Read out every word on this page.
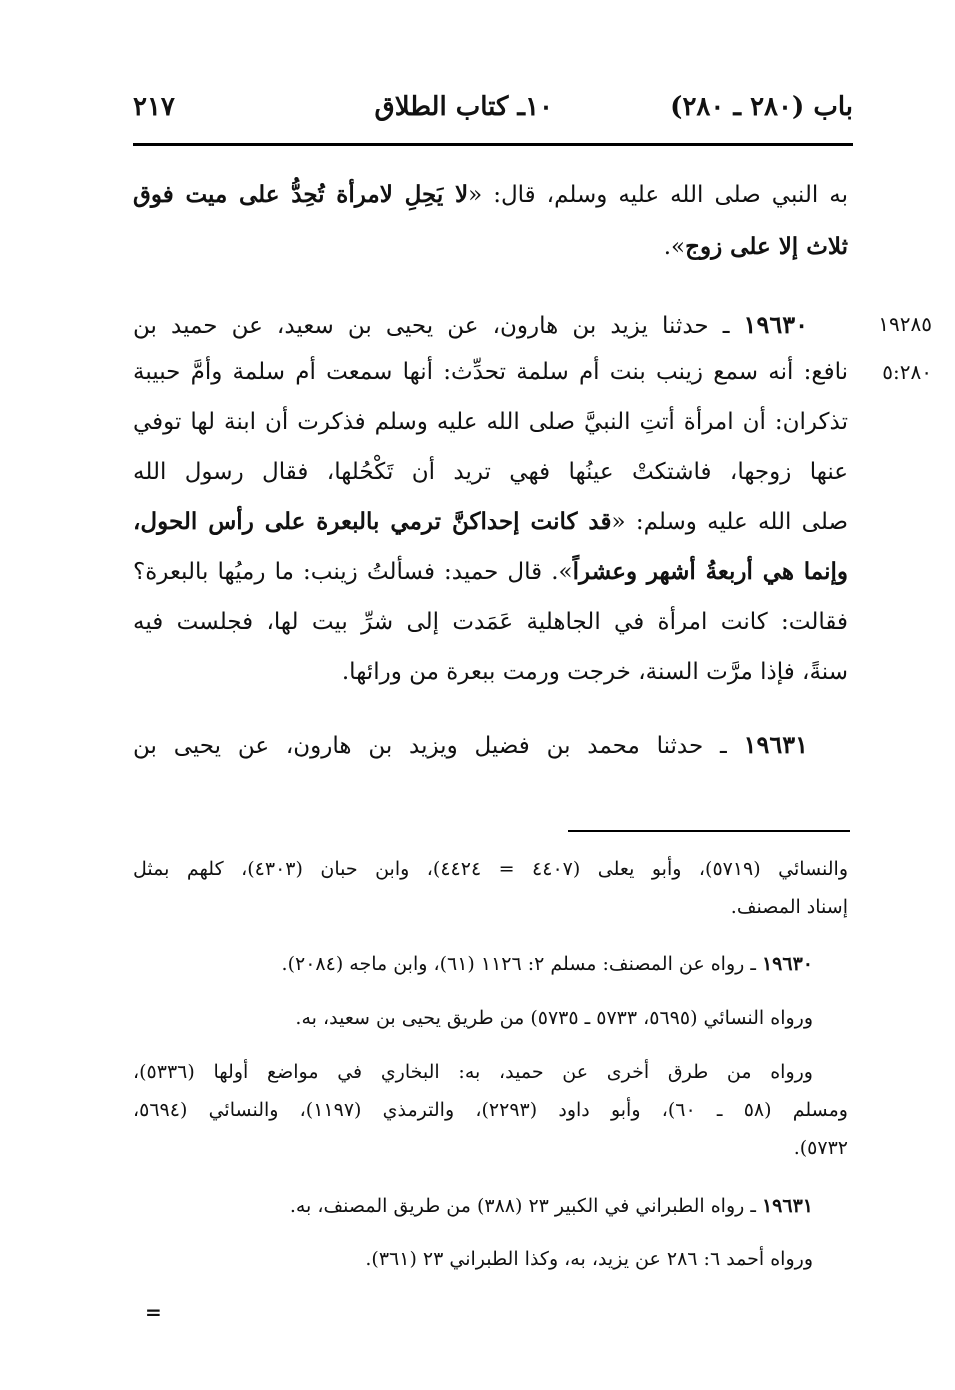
باب (٢٨٠ ـ ٢٨٠)
١٠ـ كتاب الطلاق
٢١٧
به النبي صلى الله عليه وسلم، قال: «لا يَحِلِ لامرأة تُحِدُّ على ميت فوق
ثلاث إلا على زوج».
١٩٢٨٥
٥:٢٨٠
١٩٦٣٠ ـ حدثنا يزيد بن هارون، عن يحيى بن سعيد، عن حميد بن
نافع: أنه سمع زينب بنت أم سلمة تحدِّث: أنها سمعت أم سلمة وأمَّ حبيبة
تذكران: أن امرأة أتتِ النبيَّ صلى الله عليه وسلم فذكرت أن ابنة لها توفي
عنها زوجها، فاشتكتْ عينُها فهي تريد أن تَكْحُلها، فقال رسول الله
صلى الله عليه وسلم: «قد كانت إحداكنَّ ترمي بالبعرة على رأس الحول،
وإنما هي أربعةُ أشهر وعشراً». قال حميد: فسألتُ زينب: ما رميُها بالبعرة؟
فقالت: كانت امرأة في الجاهلية عَمَدت إلى شرِّ بيت لها، فجلست فيه
سنةً، فإذا مرَّت السنة، خرجت ورمت ببعرة من ورائها.
١٩٦٣١ ـ حدثنا محمد بن فضيل ويزيد بن هارون، عن يحيى بن
والنسائي (٥٧١٩)، وأبو يعلى (٤٤٠٧ = ٤٤٢٤)، وابن حبان (٤٣٠٣)، كلهم بمثل
إسناد المصنف.
١٩٦٣٠ ـ رواه عن المصنف: مسلم ٢: ١١٢٦ (٦١)، وابن ماجه (٢٠٨٤).
ورواه النسائي (٥٦٩٥، ٥٧٣٣ ـ ٥٧٣٥) من طريق يحيى بن سعيد، به.
ورواه من طرق أخرى عن حميد، به: البخاري في مواضع أولها (٥٣٣٦)،
ومسلم (٥٨ ـ ٦٠)، وأبو داود (٢٢٩٣)، والترمذي (١١٩٧)، والنسائي (٥٦٩٤،
٥٧٣٢).
١٩٦٣١ ـ رواه الطبراني في الكبير ٢٣ (٣٨٨) من طريق المصنف، به.
ورواه أحمد ٦: ٢٨٦ عن يزيد، به، وكذا الطبراني ٢٣ (٣٦١).
=
